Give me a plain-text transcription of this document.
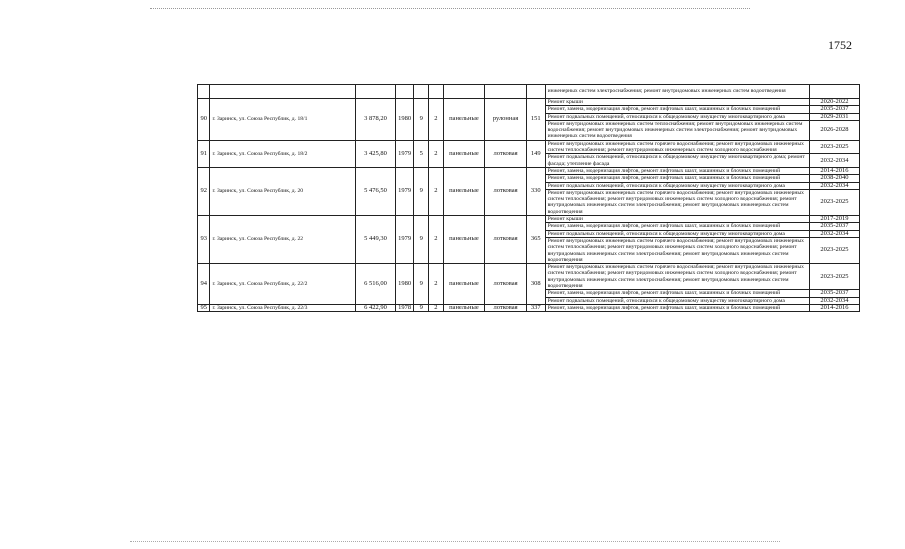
1752
									инженерных систем электроснабжения; ремонт внутридомовых инженерных систем водоотведения	
90	г. Заринск, ул. Союза Республик, д. 18/1	3 878,20	1980	9	2	панельные	рулонная	151	Ремонт крыши	2020-2022
									Ремонт, замена, модернизация лифтов, ремонт лифтовых шахт, машинных и блочных помещений	2035-2037
									Ремонт подвальных помещений, относящихся к общедомовому имуществу многоквартирного дома	2029-2031
									Ремонт внутридомовых инженерных систем теплоснабжения; ремонт внутридомовых инженерных систем водоснабжения; ремонт внутридомовых инженерных систем электроснабжения; ремонт внутридомовых инженерных систем водоотведения	2026-2028
91	г. Заринск, ул. Союза Республик, д. 18/2	3 425,80	1979	5	2	панельные	лотковая	149	Ремонт внутридомовых инженерных систем горячего водоснабжения; ремонт внутридомовых инженерных систем теплоснабжения; ремонт внутридомовых инженерных систем холодного водоснабжения	2023-2025
									Ремонт подвальных помещений, относящихся к общедомовому имуществу многоквартирного дома; ремонт фасада; утепление фасада	2032-2034
92	г. Заринск, ул. Союза Республик, д. 20	5 476,50	1979	9	2	панельные	лотковая	330	Ремонт, замена, модернизация лифтов, ремонт лифтовых шахт, машинных и блочных помещений	2014-2016
									Ремонт, замена, модернизация лифтов, ремонт лифтовых шахт, машинных и блочных помещений	2038-2040
									Ремонт подвальных помещений, относящихся к общедомовому имуществу многоквартирного дома	2032-2034
									Ремонт внутридомовых инженерных систем горячего водоснабжения; ремонт внутридомовых инженерных систем теплоснабжения; ремонт внутридомовых инженерных систем холодного водоснабжения; ремонт внутридомовых инженерных систем электроснабжения; ремонт внутридомовых инженерных систем водоотведения	2023-2025
93	г. Заринск, ул. Союза Республик, д. 22	5 449,30	1979	9	2	панельные	лотковая	365	Ремонт крыши	2017-2019
									Ремонт, замена, модернизация лифтов, ремонт лифтовых шахт, машинных и блочных помещений	2035-2037
									Ремонт подвальных помещений, относящихся к общедомовому имуществу многоквартирного дома	2032-2034
									Ремонт внутридомовых инженерных систем горячего водоснабжения; ремонт внутридомовых инженерных систем теплоснабжения; ремонт внутридомовых инженерных систем холодного водоснабжения; ремонт внутридомовых инженерных систем электроснабжения; ремонт внутридомовых инженерных систем водоотведения	2023-2025
94	г. Заринск, ул. Союза Республик, д. 22/2	6 516,00	1980	9	2	панельные	лотковая	308	Ремонт внутридомовых инженерных систем горячего водоснабжения; ремонт внутридомовых инженерных систем теплоснабжения; ремонт внутридомовых инженерных систем холодного водоснабжения; ремонт внутридомовых инженерных систем электроснабжения; ремонт внутридомовых инженерных систем водоотведения	2023-2025
									Ремонт, замена, модернизация лифтов, ремонт лифтовых шахт, машинных и блочных помещений	2035-2037
									Ремонт подвальных помещений, относящихся к общедомовому имуществу многоквартирного дома	2032-2034
95	г. Заринск, ул. Союза Республик, д. 22/3	6 422,90	1978	9	2	панельные	лотковая	337	Ремонт, замена, модернизация лифтов, ремонт лифтовых шахт, машинных и блочных помещений	2014-2016
